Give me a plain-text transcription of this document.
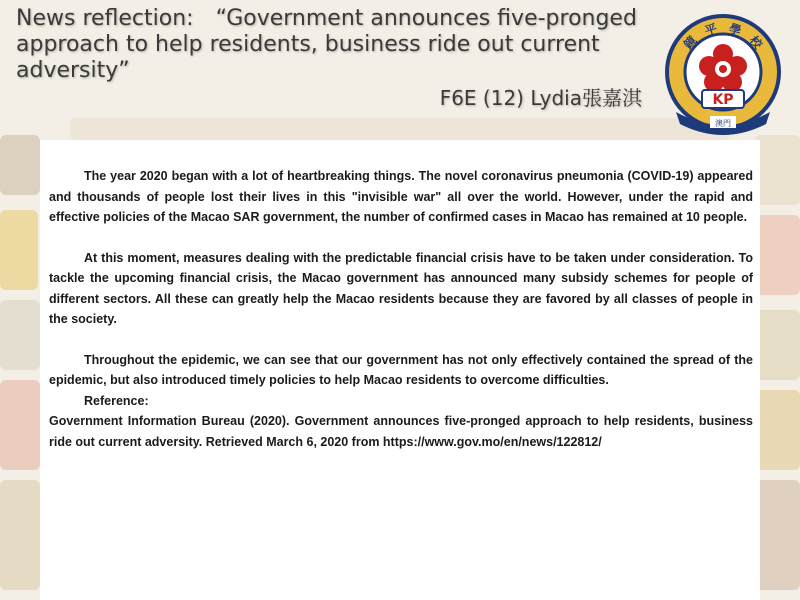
News reflection:　“Government announces five-pronged approach to help residents, business ride out current adversity”
F6E (12) Lydia張嘉淇
鏡
平 學
校
KP
澳門

The year 2020 began with a lot of heartbreaking things. The novel coronavirus pneumonia (COVID-19) appeared and thousands of people lost their lives in this "invisible war" all over the world. However, under the rapid and effective policies of the Macao SAR government, the number of confirmed cases in Macao has remained at 10 people.

At this moment, measures dealing with the predictable financial crisis have to be taken under consideration. To tackle the upcoming financial crisis, the Macao government has announced many subsidy schemes for people of different sectors. All these can greatly help the Macao residents because they are favored by all classes of people in the society.

Throughout the epidemic, we can see that our government has not only effectively contained the spread of the epidemic, but also introduced timely policies to help Macao residents to overcome difficulties.

Reference:

Government Information Bureau (2020). Government announces five-pronged approach to help residents, business ride out current adversity. Retrieved March 6, 2020 from https://www.gov.mo/en/news/122812/
